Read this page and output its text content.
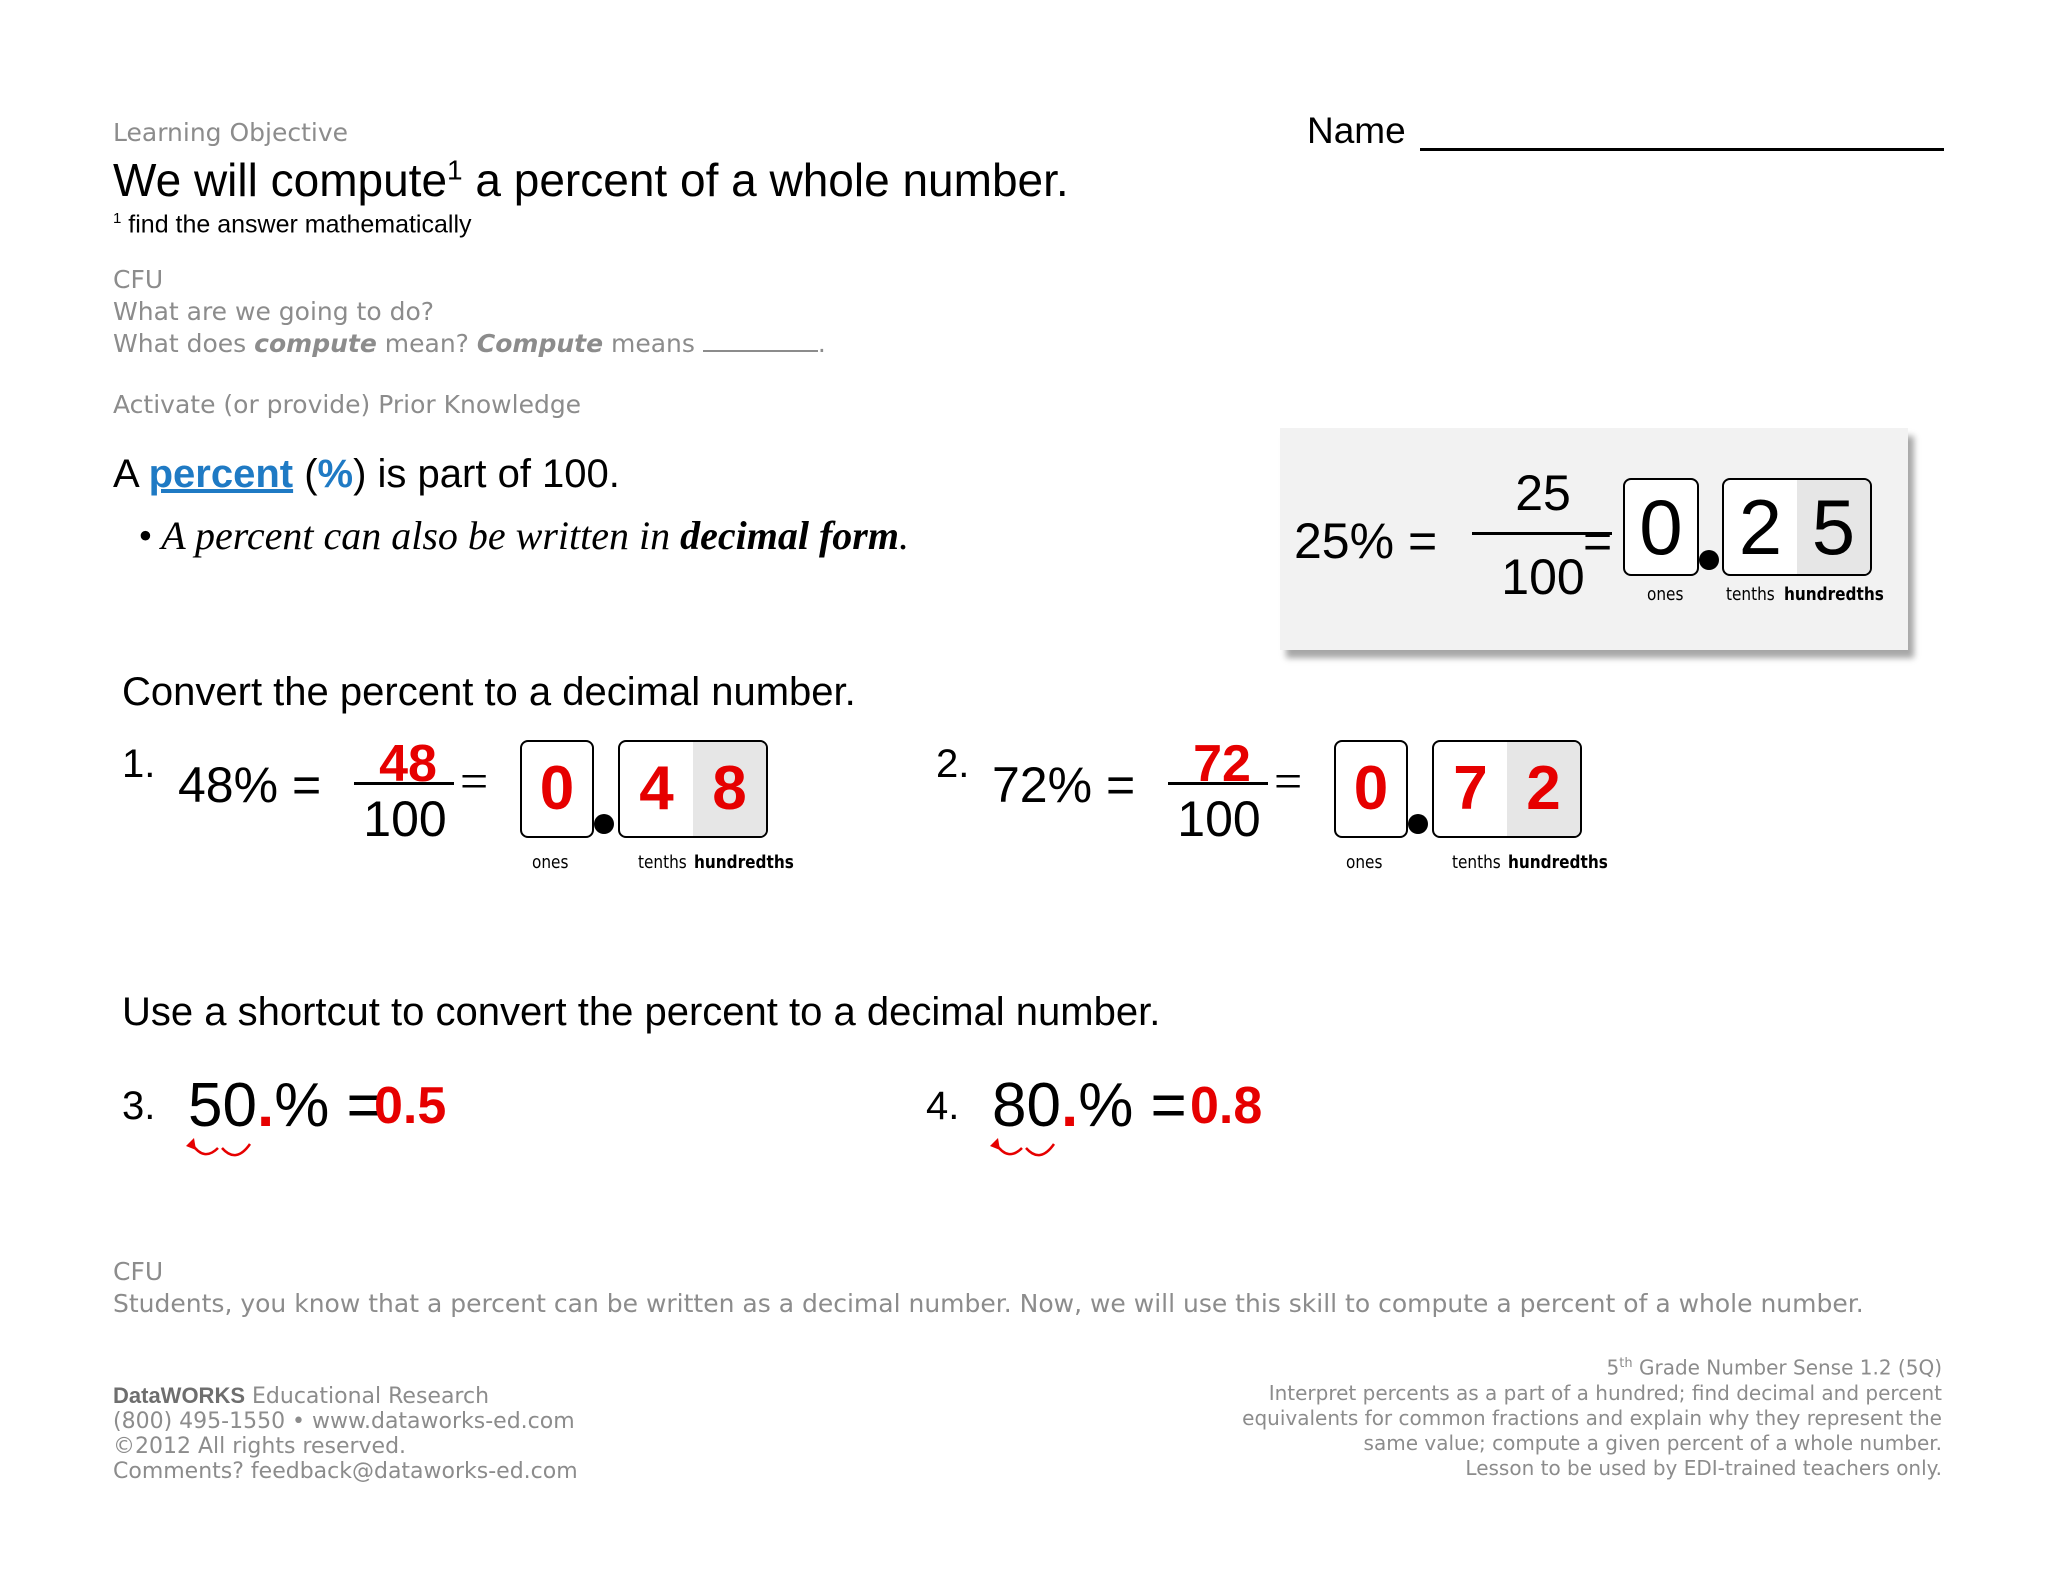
Learning Objective
We will compute$^1$ a percent of a whole number.
$^1$ find the answer mathematically
Name
CFU
What are we going to do?
What does compute mean? Compute means	.
Activate (or provide) Prior Knowledge
A percent (%) is part of 100.
• A percent can also be written in decimal form.	25% =
25
100
= 0 2 5
ones tenths hundredths
Convert the percent to a decimal number.
1. 48% =	48
100
= 0	4 8
ones	tenths hundredths
2. 72% =	72
100
= 0	7 2
ones	tenths hundredths
Use a shortcut to convert the percent to a decimal number.
3. 50.% =
0.5	4. 80.% = 0.8
CFU
Students, you know that a percent can be written as a decimal number. Now, we will use this skill to compute a percent of a whole number.
DataWORKS Educational Research
(800) 495-1550 • www.dataworks-ed.com
©2012 All rights reserved.
Comments? feedback@dataworks-ed.com
5th Grade Number Sense 1.2 (5Q)
Interpret percents as a part of a hundred; find decimal and percent
equivalents for common fractions and explain why they represent the
same value; compute a given percent of a whole number.
Lesson to be used by EDI-trained teachers only.
